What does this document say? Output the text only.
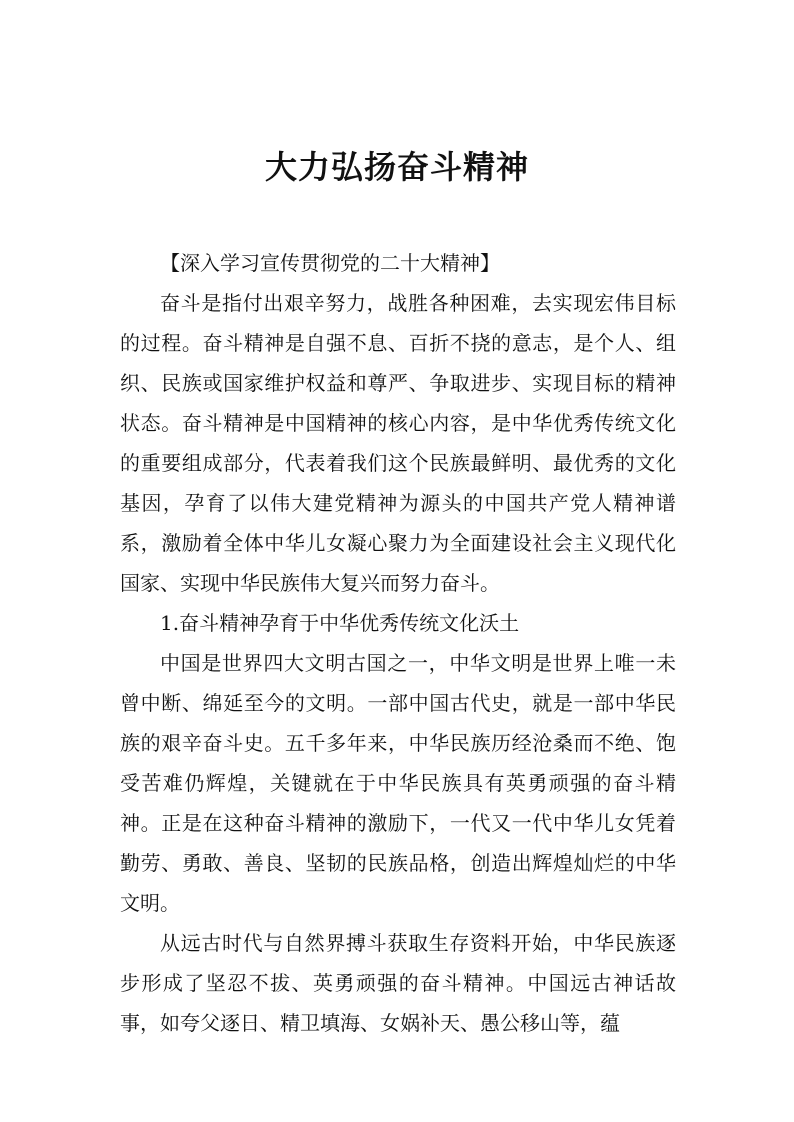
大力弘扬奋斗精神

【深入学习宣传贯彻党的二十大精神】

奋斗是指付出艰辛努力，战胜各种困难，去实现宏伟目标的过程。奋斗精神是自强不息、百折不挠的意志，是个人、组织、民族或国家维护权益和尊严、争取进步、实现目标的精神状态。奋斗精神是中国精神的核心内容，是中华优秀传统文化的重要组成部分，代表着我们这个民族最鲜明、最优秀的文化基因，孕育了以伟大建党精神为源头的中国共产党人精神谱系，激励着全体中华儿女凝心聚力为全面建设社会主义现代化国家、实现中华民族伟大复兴而努力奋斗。

1.奋斗精神孕育于中华优秀传统文化沃土

中国是世界四大文明古国之一，中华文明是世界上唯一未曾中断、绵延至今的文明。一部中国古代史，就是一部中华民族的艰辛奋斗史。五千多年来，中华民族历经沧桑而不绝、饱受苦难仍辉煌，关键就在于中华民族具有英勇顽强的奋斗精神。正是在这种奋斗精神的激励下，一代又一代中华儿女凭着勤劳、勇敢、善良、坚韧的民族品格，创造出辉煌灿烂的中华文明。

从远古时代与自然界搏斗获取生存资料开始，中华民族逐步形成了坚忍不拔、英勇顽强的奋斗精神。中国远古神话故事，如夸父逐日、精卫填海、女娲补天、愚公移山等，蕴
